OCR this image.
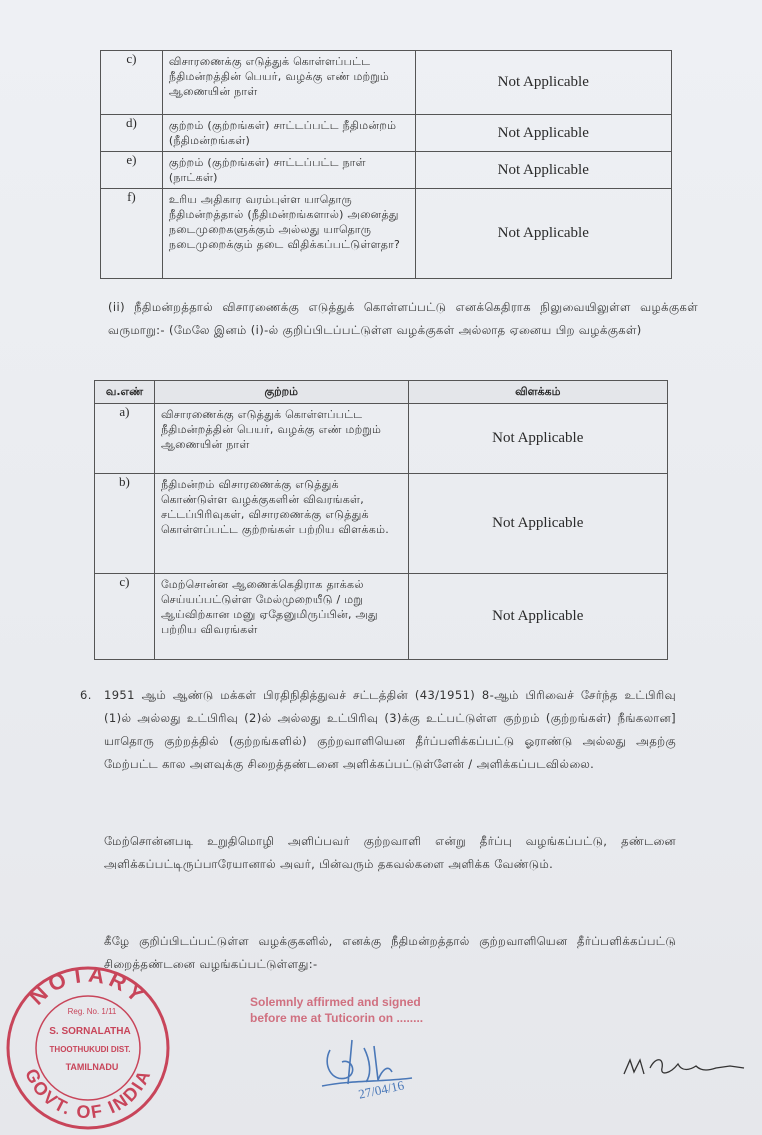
c)	விசாரணைக்கு எடுத்துக் கொள்ளப்பட்ட நீதிமன்றத்தின் பெயர், வழக்கு எண் மற்றும் ஆணையின் நாள்	Not Applicable
d)	குற்றம் (குற்றங்கள்) சாட்டப்பட்ட நீதிமன்றம் (நீதிமன்றங்கள்)	Not Applicable
e)	குற்றம் (குற்றங்கள்) சாட்டப்பட்ட நாள் (நாட்கள்)	Not Applicable
f)	உரிய அதிகார வரம்புள்ள யாதொரு நீதிமன்றத்தால் (நீதிமன்றங்களால்) அனைத்து நடைமுறைகளுக்கும் அல்லது யாதொரு நடைமுறைக்கும் தடை விதிக்கப்பட்டுள்ளதா?	Not Applicable
(ii) நீதிமன்றத்தால் விசாரணைக்கு எடுத்துக் கொள்ளப்பட்டு எனக்கெதிராக நிலுவையிலுள்ள வழக்குகள் வருமாறு:- (மேலே இனம் (i)-ல் குறிப்பிடப்பட்டுள்ள வழக்குகள் அல்லாத ஏனைய பிற வழக்குகள்)
வ.எண்	குற்றம்	விளக்கம்
a)	விசாரணைக்கு எடுத்துக் கொள்ளப்பட்ட நீதிமன்றத்தின் பெயர், வழக்கு எண் மற்றும் ஆணையின் நாள்	Not Applicable
b)	நீதிமன்றம் விசாரணைக்கு எடுத்துக் கொண்டுள்ள வழக்குகளின் விவரங்கள், சட்டப்பிரிவுகள், விசாரணைக்கு எடுத்துக் கொள்ளப்பட்ட குற்றங்கள் பற்றிய விளக்கம்.	Not Applicable
c)	மேற்சொன்ன ஆணைக்கெதிராக தாக்கல் செய்யப்பட்டுள்ள மேல்முறையீடு / மறு ஆய்விற்கான மனு ஏதேனுமிருப்பின், அது பற்றிய விவரங்கள்	Not Applicable
6.	1951 ஆம் ஆண்டு மக்கள் பிரதிநிதித்துவச் சட்டத்தின் (43/1951) 8-ஆம் பிரிவைச் சேர்ந்த உட்பிரிவு (1)ல் அல்லது உட்பிரிவு (2)ல் அல்லது உட்பிரிவு (3)க்கு உட்பட்டுள்ள குற்றம் (குற்றங்கள்) நீங்கலான] யாதொரு குற்றத்தில் (குற்றங்களில்) குற்றவாளியென தீர்ப்பளிக்கப்பட்டு ஓராண்டு அல்லது அதற்கு மேற்பட்ட கால அளவுக்கு சிறைத்தண்டனை அளிக்கப்பட்டுள்ளேன் / அளிக்கப்படவில்லை.
மேற்சொன்னபடி உறுதிமொழி அளிப்பவர் குற்றவாளி என்று தீர்ப்பு வழங்கப்பட்டு, தண்டனை அளிக்கப்பட்டிருப்பாரேயானால் அவர், பின்வரும் தகவல்களை அளிக்க வேண்டும்.
கீழே குறிப்பிடப்பட்டுள்ள வழக்குகளில், எனக்கு நீதிமன்றத்தால் குற்றவாளியென தீர்ப்பளிக்கப்பட்டு சிறைத்தண்டனை வழங்கப்பட்டுள்ளது:-
NOTARY
GOVT. OF INDIA
Reg. No. 1/11
S. SORNALATHA
THOOTHUKUDI DIST.
TAMILNADU
Solemnly affirmed and signed
before me at Tuticorin on ........
27/04/16
M. Shanmugam
